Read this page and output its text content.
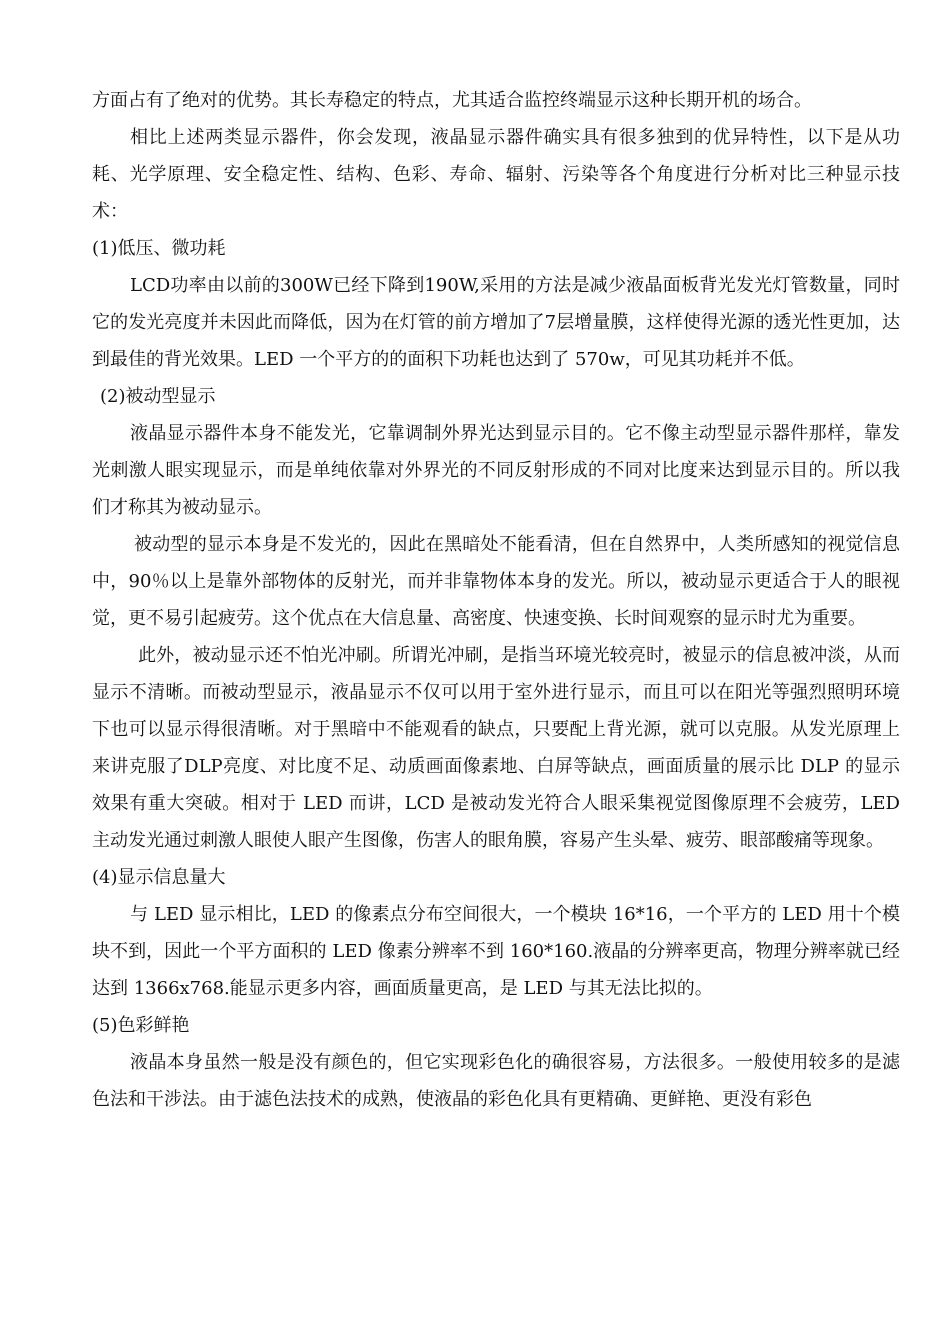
方面占有了绝对的优势。其长寿稳定的特点，尤其适合监控终端显示这种长期开机的场合。

相比上述两类显示器件，你会发现，液晶显示器件确实具有很多独到的优异特性，以下是从功耗、光学原理、安全稳定性、结构、色彩、寿命、辐射、污染等各个角度进行分析对比三种显示技术：

(1)低压、微功耗

LCD功率由以前的300W已经下降到190W,采用的方法是减少液晶面板背光发光灯管数量，同时它的发光亮度并未因此而降低，因为在灯管的前方增加了7层增量膜，这样使得光源的透光性更加，达到最佳的背光效果。LED 一个平方的的面积下功耗也达到了 570w，可见其功耗并不低。

(2)被动型显示

液晶显示器件本身不能发光，它靠调制外界光达到显示目的。它不像主动型显示器件那样，靠发光刺激人眼实现显示，而是单纯依靠对外界光的不同反射形成的不同对比度来达到显示目的。所以我们才称其为被动显示。

被动型的显示本身是不发光的，因此在黑暗处不能看清，但在自然界中，人类所感知的视觉信息中，90％以上是靠外部物体的反射光，而并非靠物体本身的发光。所以，被动显示更适合于人的眼视觉，更不易引起疲劳。这个优点在大信息量、高密度、快速变换、长时间观察的显示时尤为重要。

此外，被动显示还不怕光冲刷。所谓光冲刷，是指当环境光较亮时，被显示的信息被冲淡，从而显示不清晰。而被动型显示，液晶显示不仅可以用于室外进行显示，而且可以在阳光等强烈照明环境下也可以显示得很清晰。对于黑暗中不能观看的缺点，只要配上背光源，就可以克服。从发光原理上来讲克服了DLP亮度、对比度不足、动质画面像素地、白屏等缺点，画面质量的展示比 DLP 的显示效果有重大突破。相对于 LED 而讲，LCD 是被动发光符合人眼采集视觉图像原理不会疲劳，LED 主动发光通过刺激人眼使人眼产生图像，伤害人的眼角膜，容易产生头晕、疲劳、眼部酸痛等现象。

(4)显示信息量大

与 LED 显示相比，LED 的像素点分布空间很大，一个模块 16*16，一个平方的 LED 用十个模块不到，因此一个平方面积的 LED 像素分辨率不到 160*160.液晶的分辨率更高，物理分辨率就已经达到 1366x768.能显示更多内容，画面质量更高，是 LED 与其无法比拟的。

(5)色彩鲜艳

液晶本身虽然一般是没有颜色的，但它实现彩色化的确很容易，方法很多。一般使用较多的是滤色法和干涉法。由于滤色法技术的成熟，使液晶的彩色化具有更精确、更鲜艳、更没有彩色
